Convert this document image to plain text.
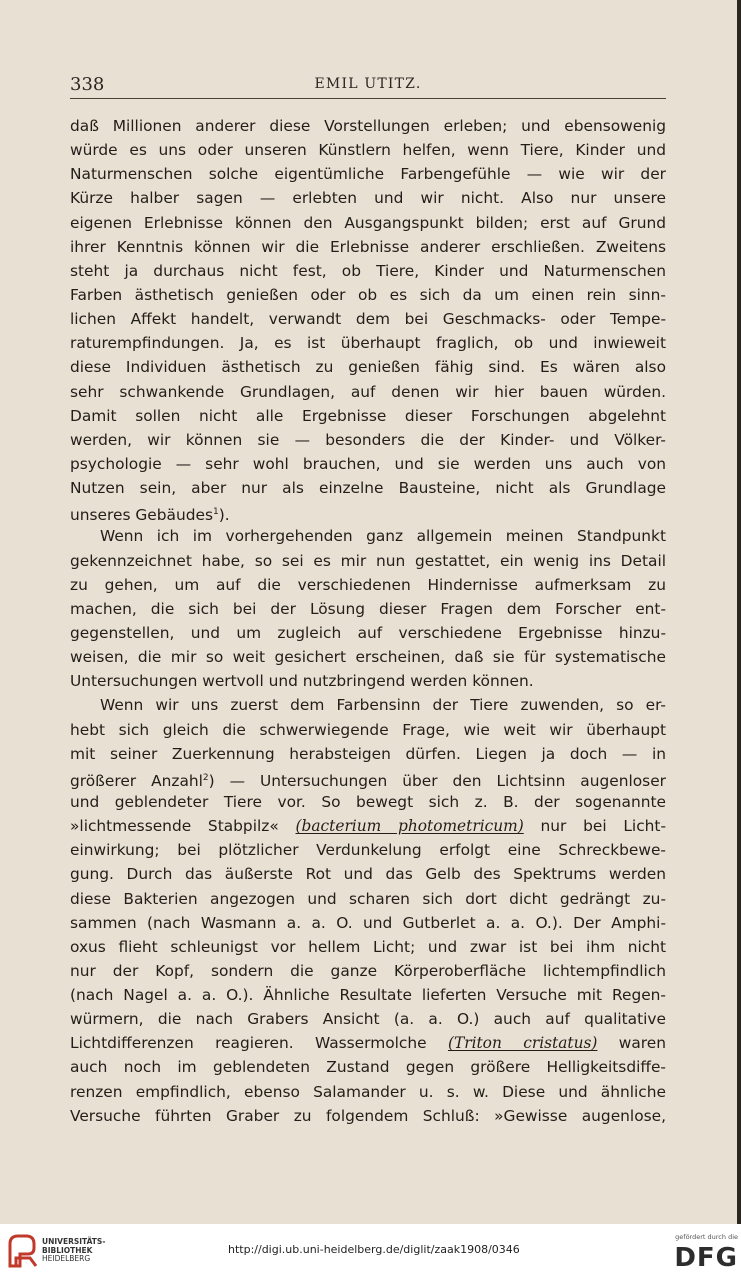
338	EMIL UTITZ.
daß Millionen anderer diese Vorstellungen erleben; und ebensowenig
würde es uns oder unseren Künstlern helfen, wenn Tiere, Kinder und
Naturmenschen solche eigentümliche Farbengefühle — wie wir der
Kürze halber sagen — erlebten und wir nicht. Also nur unsere
eigenen Erlebnisse können den Ausgangspunkt bilden; erst auf Grund
ihrer Kenntnis können wir die Erlebnisse anderer erschließen. Zweitens
steht ja durchaus nicht fest, ob Tiere, Kinder und Naturmenschen
Farben ästhetisch genießen oder ob es sich da um einen rein sinn-
lichen Affekt handelt, verwandt dem bei Geschmacks- oder Tempe-
raturempfindungen. Ja, es ist überhaupt fraglich, ob und inwieweit
diese Individuen ästhetisch zu genießen fähig sind. Es wären also
sehr schwankende Grundlagen, auf denen wir hier bauen würden.
Damit sollen nicht alle Ergebnisse dieser Forschungen abgelehnt
werden, wir können sie — besonders die der Kinder- und Völker-
psychologie — sehr wohl brauchen, und sie werden uns auch von
Nutzen sein, aber nur als einzelne Bausteine, nicht als Grundlage
unseres Gebäudes$^1$).
Wenn ich im vorhergehenden ganz allgemein meinen Standpunkt
gekennzeichnet habe, so sei es mir nun gestattet, ein wenig ins Detail
zu gehen, um auf die verschiedenen Hindernisse aufmerksam zu
machen, die sich bei der Lösung dieser Fragen dem Forscher ent-
gegenstellen, und um zugleich auf verschiedene Ergebnisse hinzu-
weisen, die mir so weit gesichert erscheinen, daß sie für systematische
Untersuchungen wertvoll und nutzbringend werden können.
Wenn wir uns zuerst dem Farbensinn der Tiere zuwenden, so er-
hebt sich gleich die schwerwiegende Frage, wie weit wir überhaupt
mit seiner Zuerkennung herabsteigen dürfen. Liegen ja doch — in
größerer Anzahl$^2$) — Untersuchungen über den Lichtsinn augenloser
und geblendeter Tiere vor. So bewegt sich z. B. der sogenannte
»lichtmessende Stabpilz« (bacterium photometricum) nur bei Licht-
einwirkung; bei plötzlicher Verdunkelung erfolgt eine Schreckbewe-
gung. Durch das äußerste Rot und das Gelb des Spektrums werden
diese Bakterien angezogen und scharen sich dort dicht gedrängt zu-
sammen (nach Wasmann a. a. O. und Gutberlet a. a. O.). Der Amphi-
oxus flieht schleunigst vor hellem Licht; und zwar ist bei ihm nicht
nur der Kopf, sondern die ganze Körperoberfläche lichtempfindlich
(nach Nagel a. a. O.). Ähnliche Resultate lieferten Versuche mit Regen-
würmern, die nach Grabers Ansicht (a. a. O.) auch auf qualitative
Lichtdifferenzen reagieren. Wassermolche (Triton cristatus) waren
auch noch im geblendeten Zustand gegen größere Helligkeitsdiffe-
renzen empfindlich, ebenso Salamander u. s. w. Diese und ähnliche
Versuche führten Graber zu folgendem Schluß: »Gewisse augenlose,
UNIVERSITÄTS-
BIBLIOTHEK
HEIDELBERG
http://digi.ub.uni-heidelberg.de/diglit/zaak1908/0346
gefördert durch die
DFG
